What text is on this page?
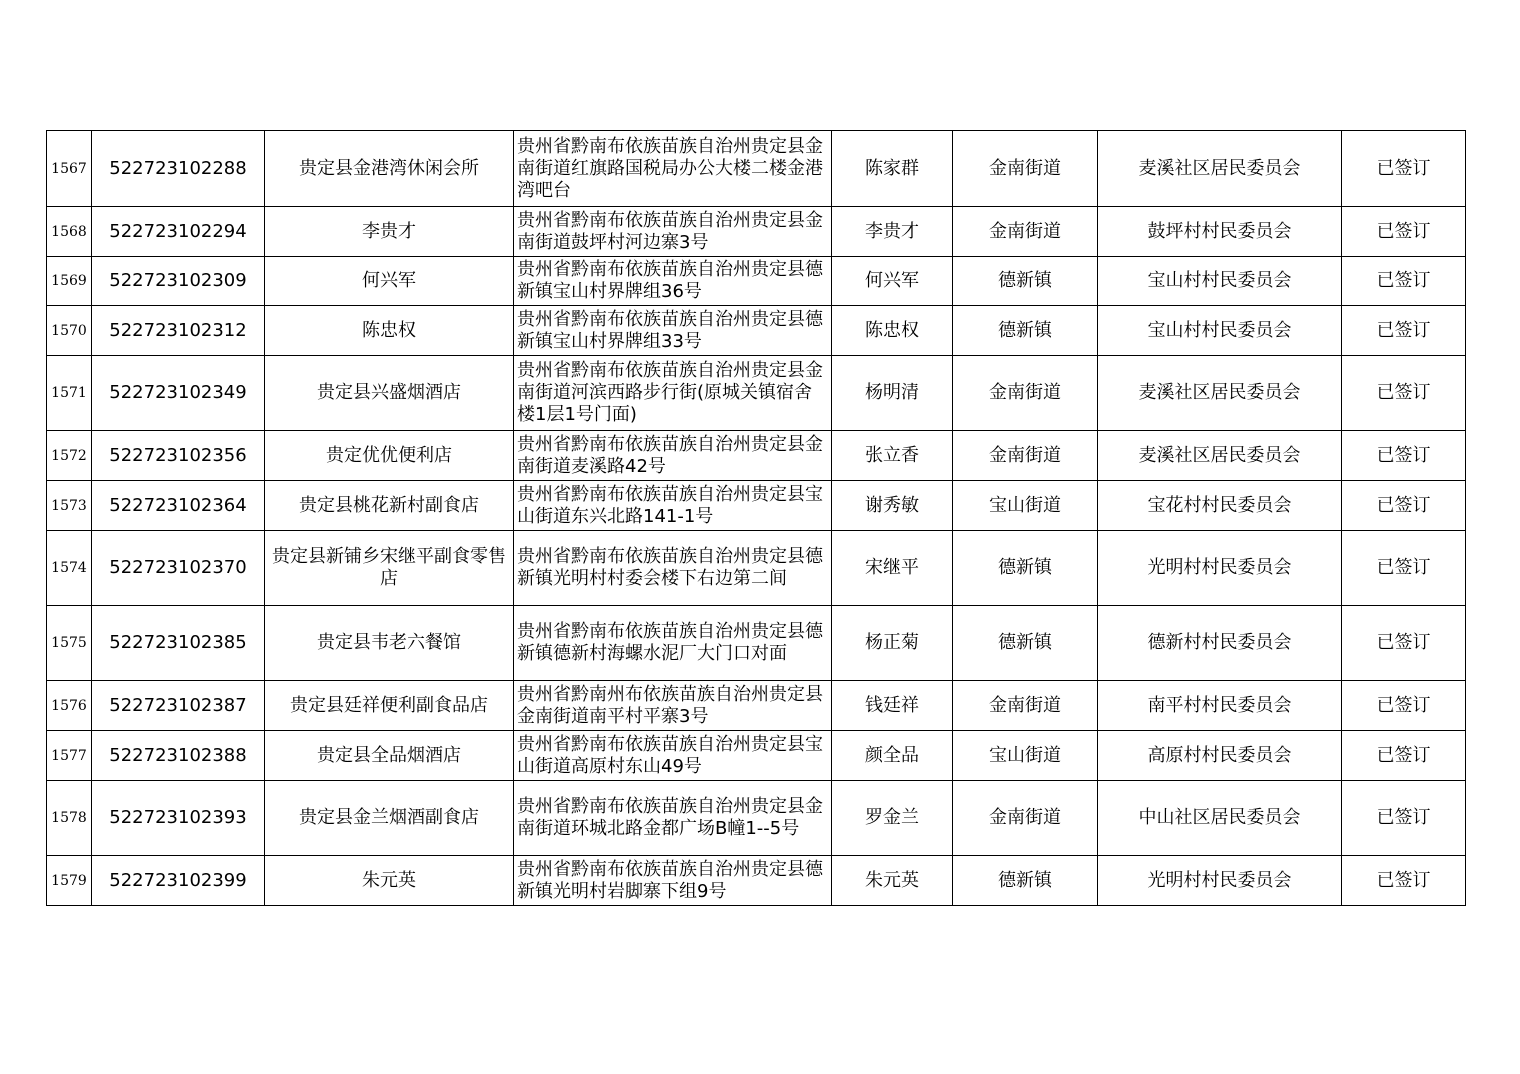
1567	522723102288	贵定县金港湾休闲会所	贵州省黔南布依族苗族自治州贵定县金南街道红旗路国税局办公大楼二楼金港湾吧台	陈家群	金南街道	麦溪社区居民委员会	已签订
1568	522723102294	李贵才	贵州省黔南布依族苗族自治州贵定县金南街道鼓坪村河边寨3号	李贵才	金南街道	鼓坪村村民委员会	已签订
1569	522723102309	何兴军	贵州省黔南布依族苗族自治州贵定县德新镇宝山村界牌组36号	何兴军	德新镇	宝山村村民委员会	已签订
1570	522723102312	陈忠权	贵州省黔南布依族苗族自治州贵定县德新镇宝山村界牌组33号	陈忠权	德新镇	宝山村村民委员会	已签订
1571	522723102349	贵定县兴盛烟酒店	贵州省黔南布依族苗族自治州贵定县金南街道河滨西路步行街(原城关镇宿舍楼1层1号门面)	杨明清	金南街道	麦溪社区居民委员会	已签订
1572	522723102356	贵定优优便利店	贵州省黔南布依族苗族自治州贵定县金南街道麦溪路42号	张立香	金南街道	麦溪社区居民委员会	已签订
1573	522723102364	贵定县桃花新村副食店	贵州省黔南布依族苗族自治州贵定县宝山街道东兴北路141-1号	谢秀敏	宝山街道	宝花村村民委员会	已签订
1574	522723102370	贵定县新铺乡宋继平副食零售店	贵州省黔南布依族苗族自治州贵定县德新镇光明村村委会楼下右边第二间	宋继平	德新镇	光明村村民委员会	已签订
1575	522723102385	贵定县韦老六餐馆	贵州省黔南布依族苗族自治州贵定县德新镇德新村海螺水泥厂大门口对面	杨正菊	德新镇	德新村村民委员会	已签订
1576	522723102387	贵定县廷祥便利副食品店	贵州省黔南州布依族苗族自治州贵定县金南街道南平村平寨3号	钱廷祥	金南街道	南平村村民委员会	已签订
1577	522723102388	贵定县全品烟酒店	贵州省黔南布依族苗族自治州贵定县宝山街道高原村东山49号	颜全品	宝山街道	高原村村民委员会	已签订
1578	522723102393	贵定县金兰烟酒副食店	贵州省黔南布依族苗族自治州贵定县金南街道环城北路金都广场B幢1--5号	罗金兰	金南街道	中山社区居民委员会	已签订
1579	522723102399	朱元英	贵州省黔南布依族苗族自治州贵定县德新镇光明村岩脚寨下组9号	朱元英	德新镇	光明村村民委员会	已签订
